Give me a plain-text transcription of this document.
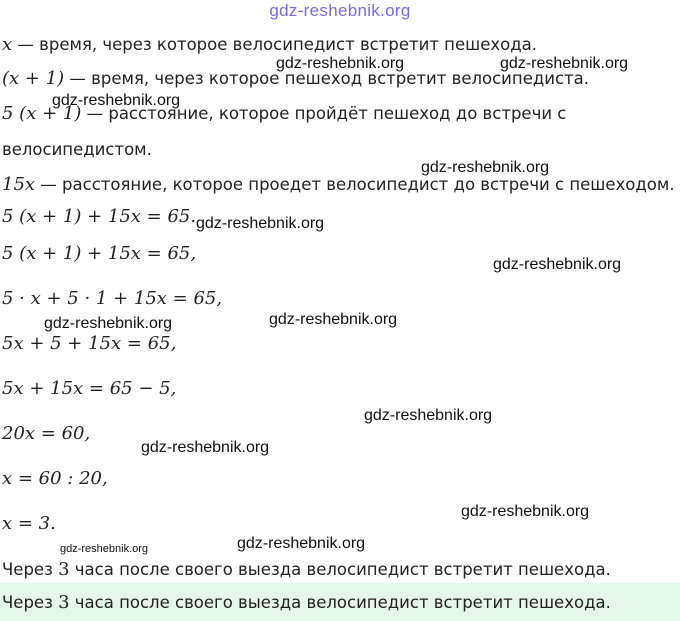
gdz-reshebnik.org
x — время, через которое велосипедист встретит пешехода.
(x + 1) — время, через которое пешеход встретит велосипедиста.
5 (x + 1) — расстояние, которое пройдёт пешеход до встречи с
велосипедистом.
15x — расстояние, которое проедет велосипедист до встречи с пешеходом.
5 (x + 1) + 15x = 65.
5 (x + 1) + 15x = 65,
5 · x + 5 · 1 + 15x = 65,
5x + 5 + 15x = 65,
5x + 15x = 65 − 5,
20x = 60,
x = 60 : 20,
x = 3.
Через 3 часа после своего выезда велосипедист встретит пешехода.
Через 3 часа после своего выезда велосипедист встретит пешехода.
gdz-reshebnik.org	gdz-reshebnik.org
gdz-reshebnik.org
gdz-reshebnik.org
gdz-reshebnik.org
gdz-reshebnik.org
gdz-reshebnik.org	gdz-reshebnik.org
gdz-reshebnik.org
gdz-reshebnik.org
gdz-reshebnik.org
gdz-reshebnik.org	gdz-reshebnik.org
